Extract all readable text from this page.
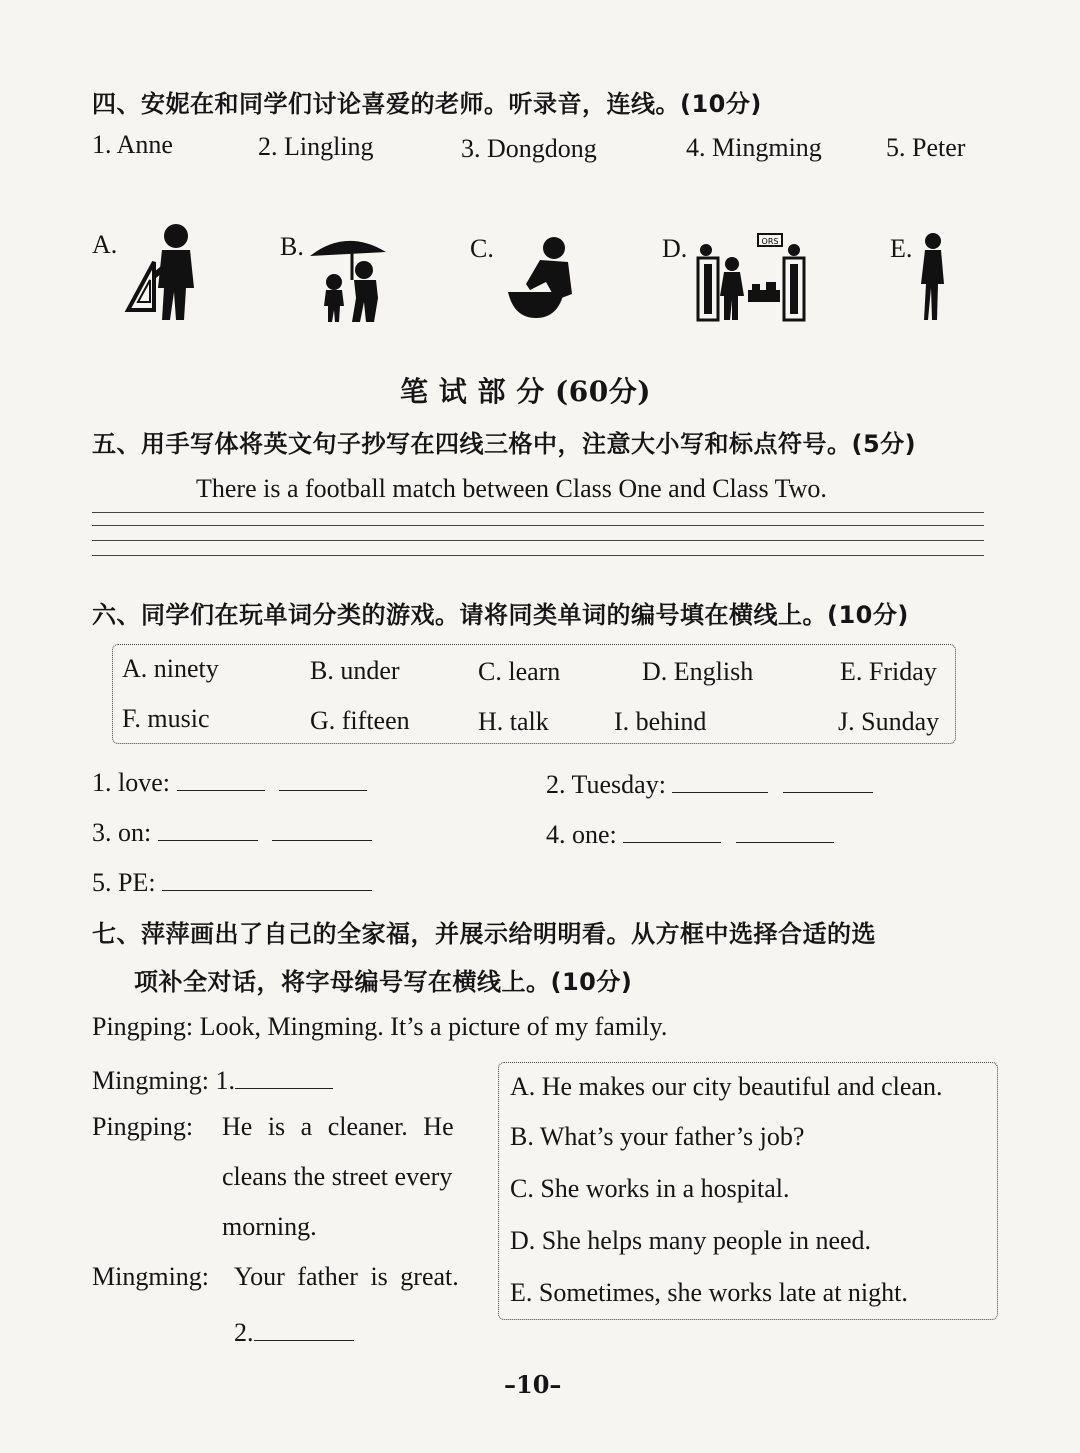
四、安妮在和同学们讨论喜爱的老师。听录音，连线。(10分)
1. Anne	2. Lingling	3. Dongdong	4. Mingming 5. Peter
A.	B.	C.	D.	E.
ORS
笔 试 部 分 (60分)
五、用手写体将英文句子抄写在四线三格中，注意大小写和标点符号。(5分)
There is a football match between Class One and Class Two.
六、同学们在玩单词分类的游戏。请将同类单词的编号填在横线上。(10分)
A. ninety	B. under	C. learn	D. English	E. Friday
F. music	G. fifteen	H. talk	I. behind	J. Sunday
1. love:	2. Tuesday:
3. on:	4. one:
5. PE:
七、萍萍画出了自己的全家福，并展示给明明看。从方框中选择合适的选
项补全对话，将字母编号写在横线上。(10分)
Pingping: Look, Mingming. It’s a picture of my family.
Mingming: 1.
Pingping: He is a cleaner. He
cleans the street every
morning.
Mingming: Your father is great.
2.
A. He makes our city beautiful and clean.
B. What’s your father’s job?
C. She works in a hospital.
D. She helps many people in need.
E. Sometimes, she works late at night.
–10–
